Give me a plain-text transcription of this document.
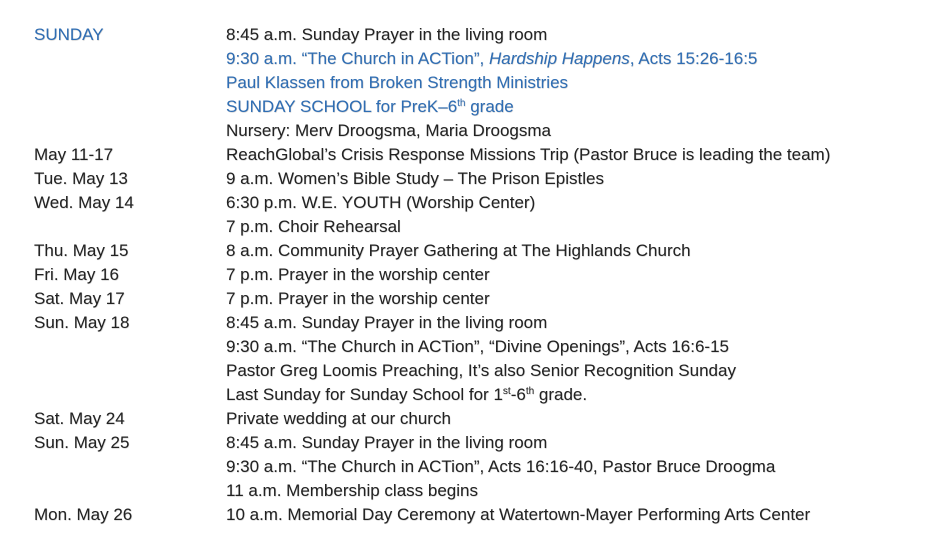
SUNDAY	8:45 a.m. Sunday Prayer in the living room
9:30 a.m. “The Church in ACTion”, Hardship Happens, Acts 15:26-16:5
Paul Klassen from Broken Strength Ministries
SUNDAY SCHOOL for PreK–6th grade
Nursery: Merv Droogsma, Maria Droogsma
May 11-17	ReachGlobal’s Crisis Response Missions Trip (Pastor Bruce is leading the team)
Tue. May 13	9 a.m. Women’s Bible Study – The Prison Epistles
Wed. May 14	6:30 p.m. W.E. YOUTH (Worship Center)
7 p.m. Choir Rehearsal
Thu. May 15	8 a.m. Community Prayer Gathering at The Highlands Church
Fri. May 16	7 p.m. Prayer in the worship center
Sat. May 17	7 p.m. Prayer in the worship center
Sun. May 18	8:45 a.m. Sunday Prayer in the living room
9:30 a.m. “The Church in ACTion”, “Divine Openings”, Acts 16:6-15
Pastor Greg Loomis Preaching, It’s also Senior Recognition Sunday
Last Sunday for Sunday School for 1st-6th grade.
Sat. May 24	Private wedding at our church
Sun. May 25	8:45 a.m. Sunday Prayer in the living room
9:30 a.m. “The Church in ACTion”, Acts 16:16-40, Pastor Bruce Droogma
11 a.m. Membership class begins
Mon. May 26	10 a.m. Memorial Day Ceremony at Watertown-Mayer Performing Arts Center
